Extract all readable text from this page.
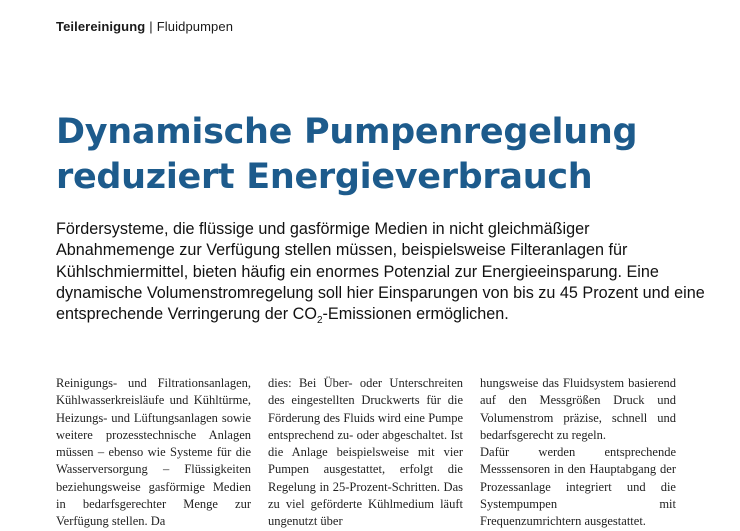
Teilereinigung | Fluidpumpen
Dynamische Pumpenregelung
reduziert Energieverbrauch

Fördersysteme, die flüssige und gasförmige Medien in nicht gleichmäßiger Abnahmemenge zur Verfügung stellen müssen, beispielsweise Filteranlagen für Kühlschmiermittel, bieten häufig ein enormes Potenzial zur Energieeinsparung. Eine dynamische Volumenstromregelung soll hier Einsparungen von bis zu 45 Prozent und eine entsprechende Verringerung der $CO_2$-Emissionen ermöglichen.

Reinigungs- und Filtrationsanlagen, Kühlwasserkreisläufe und Kühltürme, Heizungs- und Lüftungsanlagen sowie weitere prozesstechnische Anlagen müssen – ebenso wie Systeme für die Wasserversorgung – Flüssigkeiten beziehungsweise gasförmige Medien in bedarfsgerechter Menge zur Verfügung stellen. Da

dies: Bei Über- oder Unterschreiten des eingestellten Druckwerts für die Förderung des Fluids wird eine Pumpe entsprechend zu- oder abgeschaltet. Ist die Anlage beispielsweise mit vier Pumpen ausgestattet, erfolgt die Regelung in 25-Prozent-Schritten. Das zu viel geförderte Kühlmedium läuft ungenutzt über

hungsweise das Fluidsystem basierend auf den Messgrößen Druck und Volumenstrom präzise, schnell und bedarfsgerecht zu regeln.

Dafür werden entsprechende Messsensoren in den Hauptabgang der Prozessanlage integriert und die Systempumpen mit Frequenzumrichtern ausgestattet.
